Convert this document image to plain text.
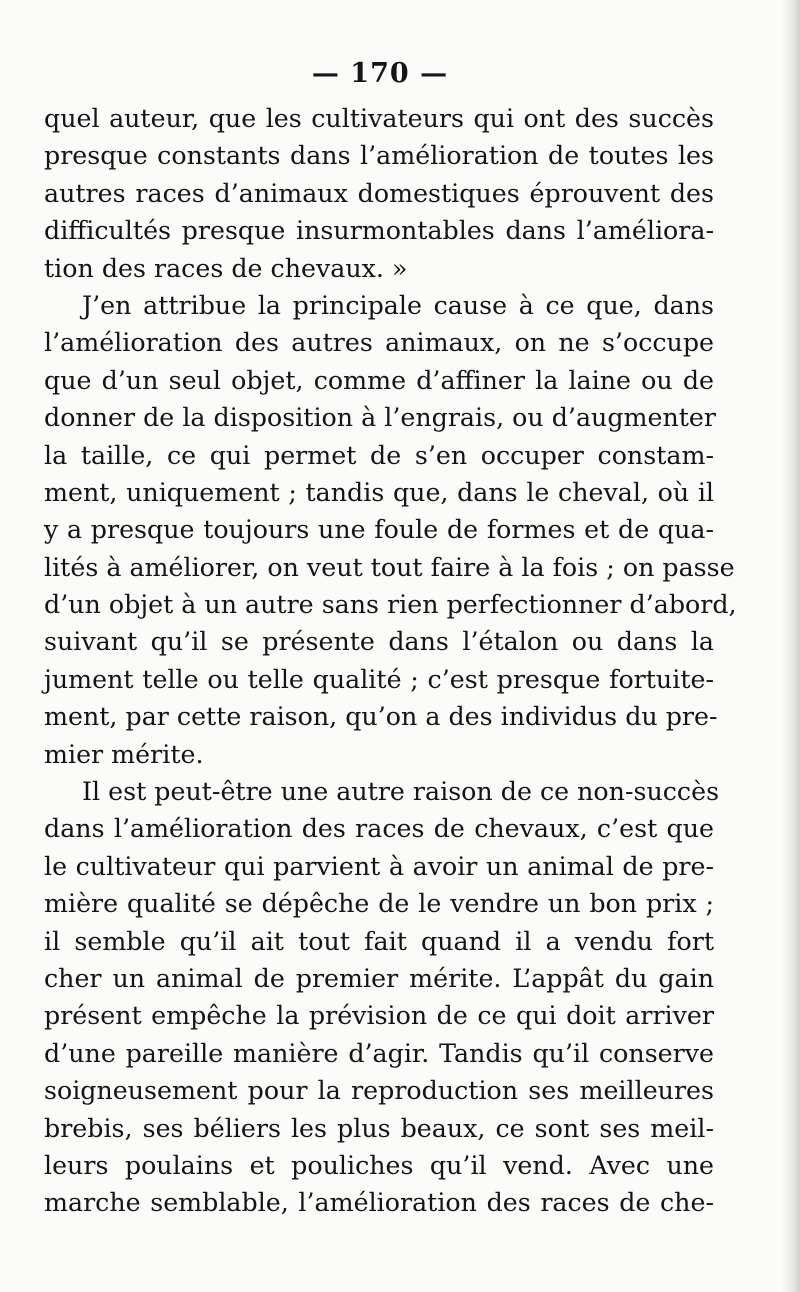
— 170 —
quel auteur, que les cultivateurs qui ont des succès
presque constants dans l’amélioration de toutes les
autres races d’animaux domestiques éprouvent des
difficultés presque insurmontables dans l’améliora-
tion des races de chevaux. »
J’en attribue la principale cause à ce que, dans
l’amélioration des autres animaux, on ne s’occupe
que d’un seul objet, comme d’affiner la laine ou de
donner de la disposition à l’engrais, ou d’augmenter
la taille, ce qui permet de s’en occuper constam-
ment, uniquement ; tandis que, dans le cheval, où il
y a presque toujours une foule de formes et de qua-
lités à améliorer, on veut tout faire à la fois ; on passe
d’un objet à un autre sans rien perfectionner d’abord,
suivant qu’il se présente dans l’étalon ou dans la
jument telle ou telle qualité ; c’est presque fortuite-
ment, par cette raison, qu’on a des individus du pre-
mier mérite.
Il est peut-être une autre raison de ce non-succès
dans l’amélioration des races de chevaux, c’est que
le cultivateur qui parvient à avoir un animal de pre-
mière qualité se dépêche de le vendre un bon prix ;
il semble qu’il ait tout fait quand il a vendu fort
cher un animal de premier mérite. L’appât du gain
présent empêche la prévision de ce qui doit arriver
d’une pareille manière d’agir. Tandis qu’il conserve
soigneusement pour la reproduction ses meilleures
brebis, ses béliers les plus beaux, ce sont ses meil-
leurs poulains et pouliches qu’il vend. Avec une
marche semblable, l’amélioration des races de che-
